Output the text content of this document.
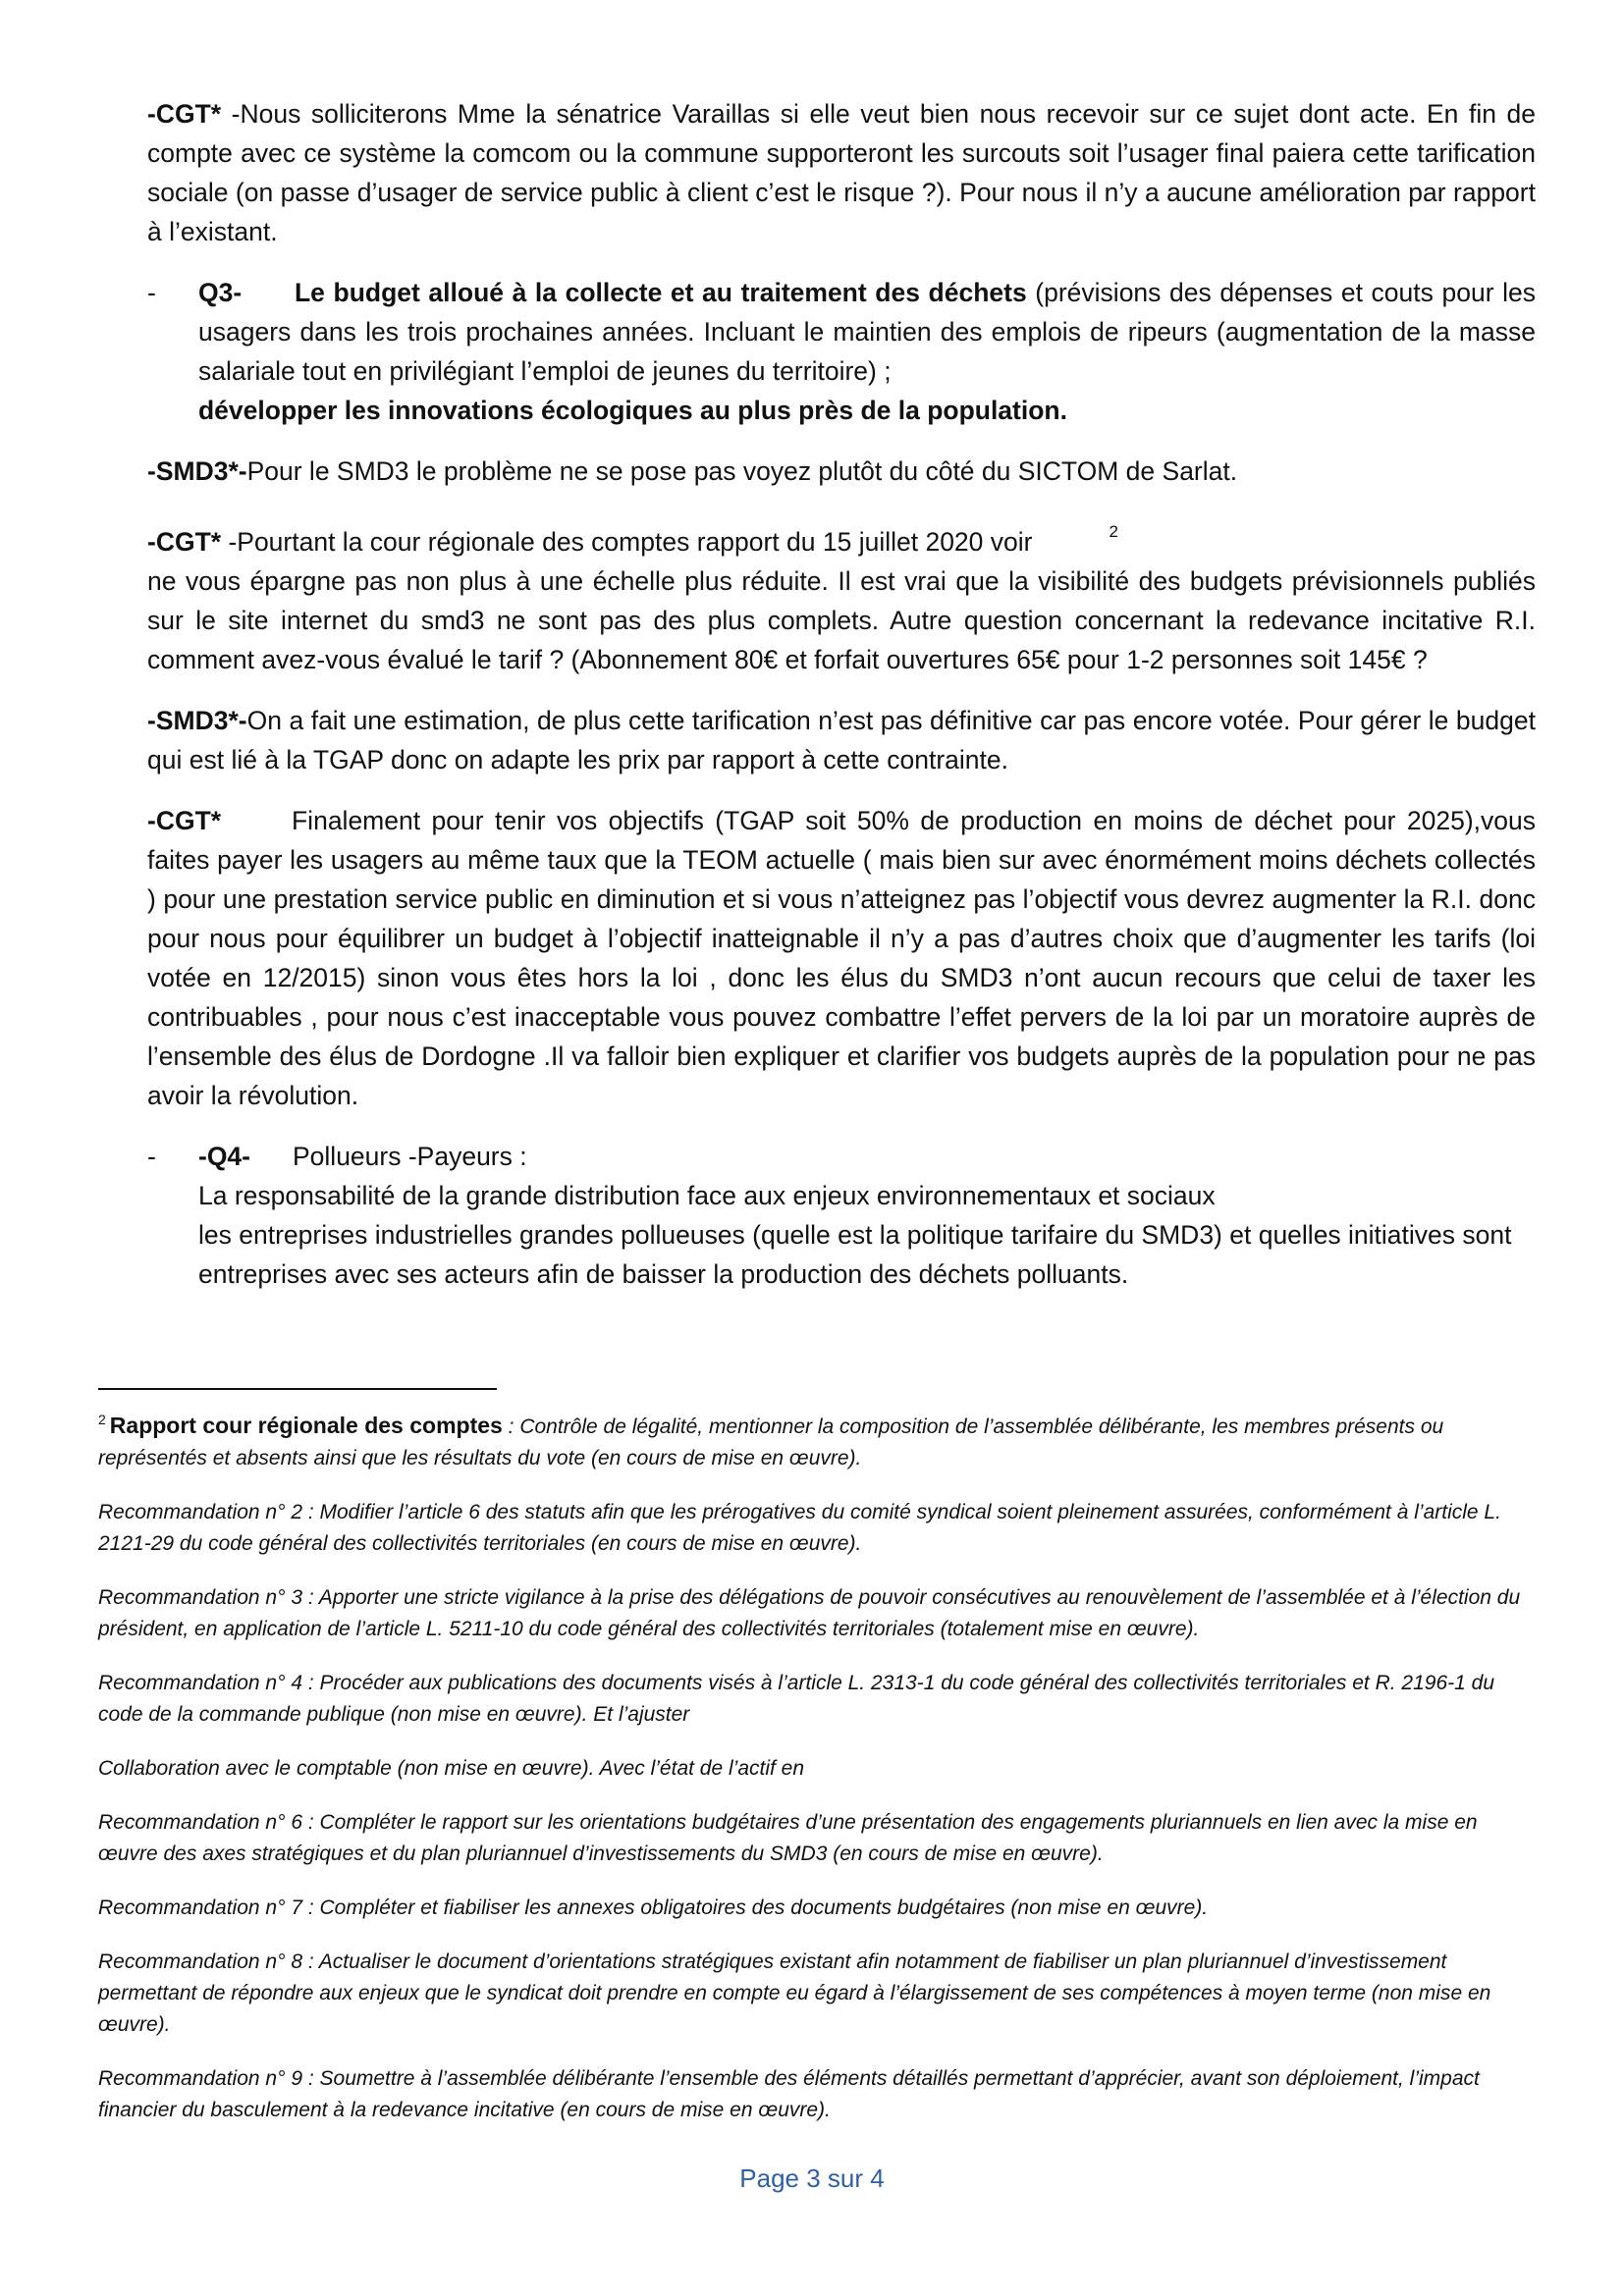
-CGT* -Nous solliciterons Mme la sénatrice Varaillas si elle veut bien nous recevoir sur ce sujet dont acte. En fin de compte avec ce système la comcom ou la commune supporteront les surcouts soit l’usager final paiera cette tarification sociale (on passe d’usager de service public à client c’est le risque ?). Pour nous il n’y a aucune amélioration par rapport à l’existant.

- Q3- Le budget alloué à la collecte et au traitement des déchets (prévisions des dépenses et couts pour les usagers dans les trois prochaines années. Incluant le maintien des emplois de ripeurs (augmentation de la masse salariale tout en privilégiant l’emploi de jeunes du territoire) ;
développer les innovations écologiques au plus près de la population.

-SMD3*-Pour le SMD3 le problème ne se pose pas voyez plutôt du côté du SICTOM de Sarlat.

-CGT* -Pourtant la cour régionale des comptes rapport du 15 juillet 2020 voir	$^2$
ne vous épargne pas non plus à une échelle plus réduite. Il est vrai que la visibilité des budgets prévisionnels publiés sur le site internet du smd3 ne sont pas des plus complets. Autre question concernant la redevance incitative R.I. comment avez-vous évalué le tarif ? (Abonnement 80€ et forfait ouvertures 65€ pour 1-2 personnes soit 145€ ?

-SMD3*-On a fait une estimation, de plus cette tarification n’est pas définitive car pas encore votée. Pour gérer le budget qui est lié à la TGAP donc on adapte les prix par rapport à cette contrainte.

-CGT*	Finalement pour tenir vos objectifs (TGAP soit 50% de production en moins de déchet pour 2025),vous faites payer les usagers au même taux que la TEOM actuelle ( mais bien sur avec énormément moins déchets collectés ) pour une prestation service public en diminution et si vous n’atteignez pas l’objectif vous devrez augmenter la R.I. donc pour nous pour équilibrer un budget à l’objectif inatteignable il n’y a pas d’autres choix que d’augmenter les tarifs (loi votée en 12/2015) sinon vous êtes hors la loi , donc les élus du SMD3 n’ont aucun recours que celui de taxer les contribuables , pour nous c’est inacceptable vous pouvez combattre l’effet pervers de la loi par un moratoire auprès de l’ensemble des élus de Dordogne .Il va falloir bien expliquer et clarifier vos budgets auprès de la population pour ne pas avoir la révolution.

- -Q4- Pollueurs -Payeurs :
La responsabilité de la grande distribution face aux enjeux environnementaux et sociaux
les entreprises industrielles grandes pollueuses (quelle est la politique tarifaire du SMD3) et quelles initiatives sont entreprises avec ses acteurs afin de baisser la production des déchets polluants.

$^2$ Rapport cour régionale des comptes : Contrôle de légalité, mentionner la composition de l’assemblée délibérante, les membres présents ou représentés et absents ainsi que les résultats du vote (en cours de mise en œuvre).

Recommandation n° 2 : Modifier l’article 6 des statuts afin que les prérogatives du comité syndical soient pleinement assurées, conformément à l’article L. 2121-29 du code général des collectivités territoriales (en cours de mise en œuvre).

Recommandation n° 3 : Apporter une stricte vigilance à la prise des délégations de pouvoir consécutives au renouvèlement de l’assemblée et à l’élection du président, en application de l’article L. 5211-10 du code général des collectivités territoriales (totalement mise en œuvre).

Recommandation n° 4 : Procéder aux publications des documents visés à l’article L. 2313-1 du code général des collectivités territoriales et R. 2196-1 du code de la commande publique (non mise en œuvre). Et l’ajuster

Collaboration avec le comptable (non mise en œuvre). Avec l’état de l’actif en

Recommandation n° 6 : Compléter le rapport sur les orientations budgétaires d’une présentation des engagements pluriannuels en lien avec la mise en œuvre des axes stratégiques et du plan pluriannuel d’investissements du SMD3 (en cours de mise en œuvre).

Recommandation n° 7 : Compléter et fiabiliser les annexes obligatoires des documents budgétaires (non mise en œuvre).

Recommandation n° 8 : Actualiser le document d’orientations stratégiques existant afin notamment de fiabiliser un plan pluriannuel d’investissement permettant de répondre aux enjeux que le syndicat doit prendre en compte eu égard à l’élargissement de ses compétences à moyen terme (non mise en œuvre).

Recommandation n° 9 : Soumettre à l’assemblée délibérante l’ensemble des éléments détaillés permettant d’apprécier, avant son déploiement, l’impact financier du basculement à la redevance incitative (en cours de mise en œuvre).

Page 3 sur 4
